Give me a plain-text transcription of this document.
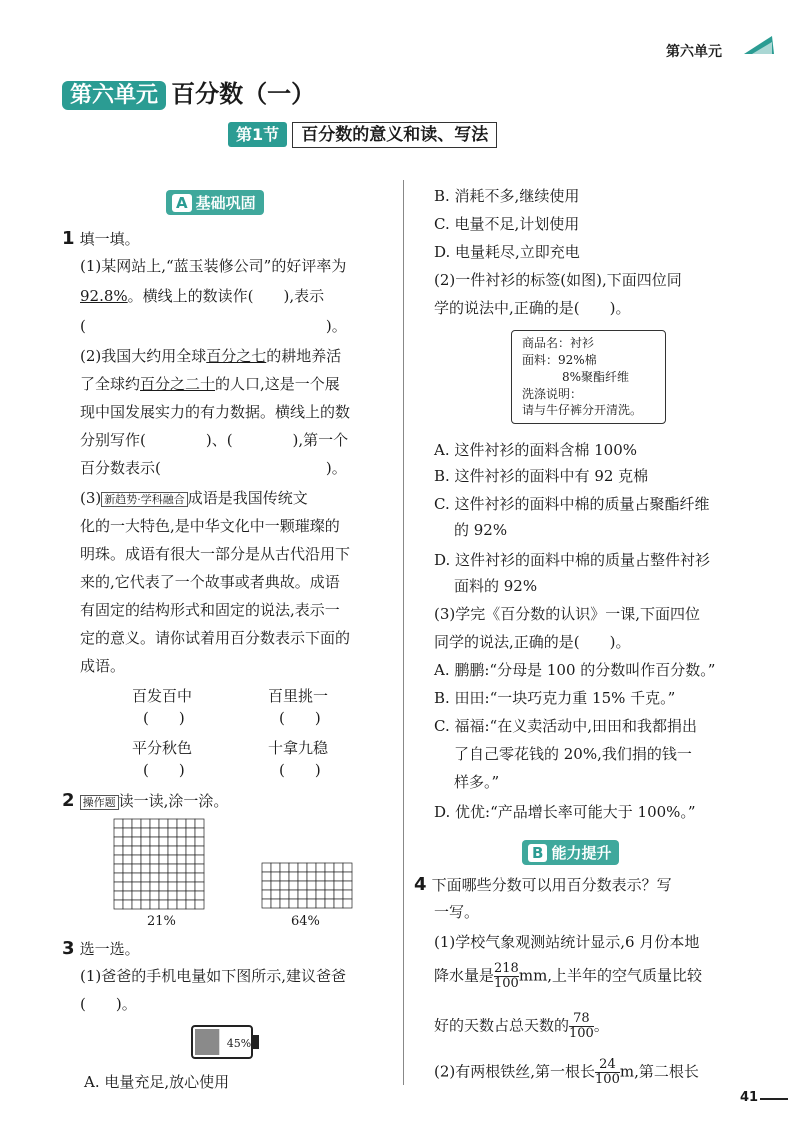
第六单元
第六单元 百分数（一）
第1节 百分数的意义和读、写法
A 基础巩固
1 填一填。
(1)某网站上,“蓝玉装修公司”的好评率为
92.8%。横线上的数读作(　　),表示
(　　　　　　　　　　　　　　　　)。
(2)我国大约用全球百分之七的耕地养活
了全球约百分之二十的人口,这是一个展
现中国发展实力的有力数据。横线上的数
分别写作(　　　　)、(　　　　),第一个
百分数表示(　　　　　　　　　　　)。
(3) 新趋势·学科融合 成语是我国传统文
化的一大特色,是中华文化中一颗璀璨的
明珠。成语有很大一部分是从古代沿用下
来的,它代表了一个故事或者典故。成语
有固定的结构形式和固定的说法,表示一
定的意义。请你试着用百分数表示下面的
成语。
百发百中
(　　)
百里挑一
(　　)
平分秋色
(　　)
十拿九稳
(　　)
2 操作题 读一读,涂一涂。
21%	64%
3 选一选。
(1)爸爸的手机电量如下图所示,建议爸爸
(　　)。
45%
A. 电量充足,放心使用
B. 消耗不多,继续使用
C. 电量不足,计划使用
D. 电量耗尽,立即充电
(2)一件衬衫的标签(如图),下面四位同
学的说法中,正确的是(　　)。
商品名：衬衫
面料：92%棉
8%聚酯纤维
洗涤说明：
请与牛仔裤分开清洗。
A. 这件衬衫的面料含棉 100%
B. 这件衬衫的面料中有 92 克棉
C. 这件衬衫的面料中棉的质量占聚酯纤维
的 92%
D. 这件衬衫的面料中棉的质量占整件衬衫
面料的 92%
(3)学完《百分数的认识》一课,下面四位
同学的说法,正确的是(　　)。
A. 鹏鹏:“分母是 100 的分数叫作百分数。”
B. 田田:“一块巧克力重 15% 千克。”
C. 福福:“在义卖活动中,田田和我都捐出
了自己零花钱的 20%,我们捐的钱一
样多。”
D. 优优:“产品增长率可能大于 100%。”
B 能力提升
4 下面哪些分数可以用百分数表示？写
一写。
(1)学校气象观测站统计显示,6 月份本地
降水量是 $\frac{218}{100}$ mm,上半年的空气质量比较
好的天数占总天数的 $\frac{78}{100}$ 。
(2)有两根铁丝,第一根长 $\frac{24}{100} m$,第二根长
41
